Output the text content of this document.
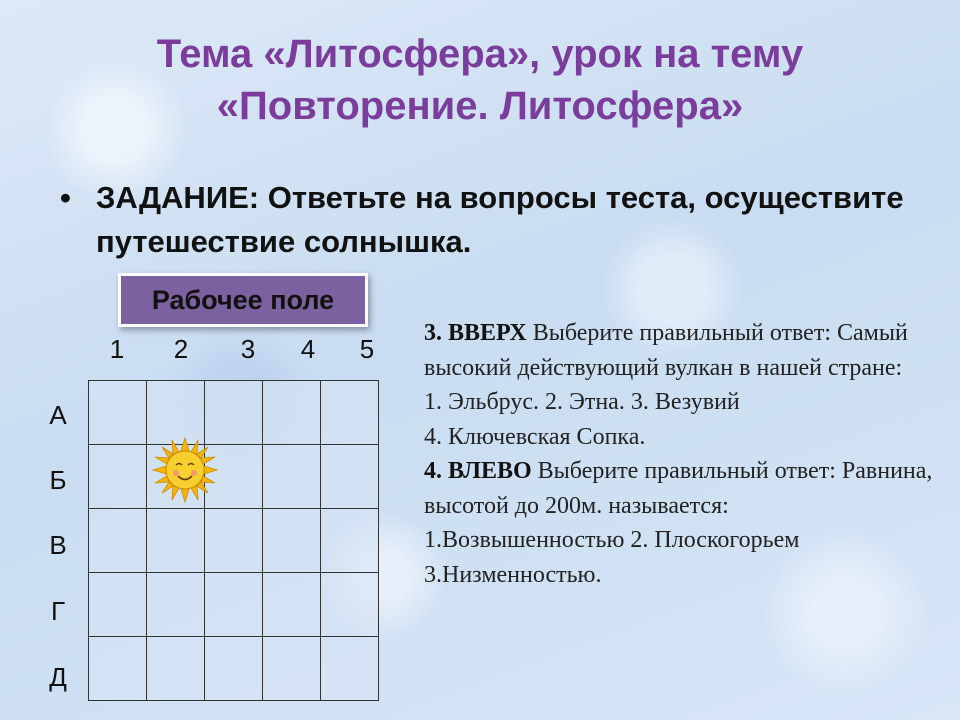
Тема «Литосфера», урок на тему
«Повторение. Литосфера»
• ЗАДАНИЕ: Ответьте на вопросы теста, осуществите путешествие солнышка.
Рабочее поле
1	2	3	4	5
А
Б
В
Г
Д

3. ВВЕРХ Выберите правильный ответ: Самый высокий действующий вулкан в нашей стране:
1. Эльбрус. 2. Этна. 3. Везувий
4. Ключевская Сопка.
4. ВЛЕВО Выберите правильный ответ: Равнина, высотой до 200м. называется:
1.Возвышенностью 2. Плоскогорьем
3.Низменностью.
